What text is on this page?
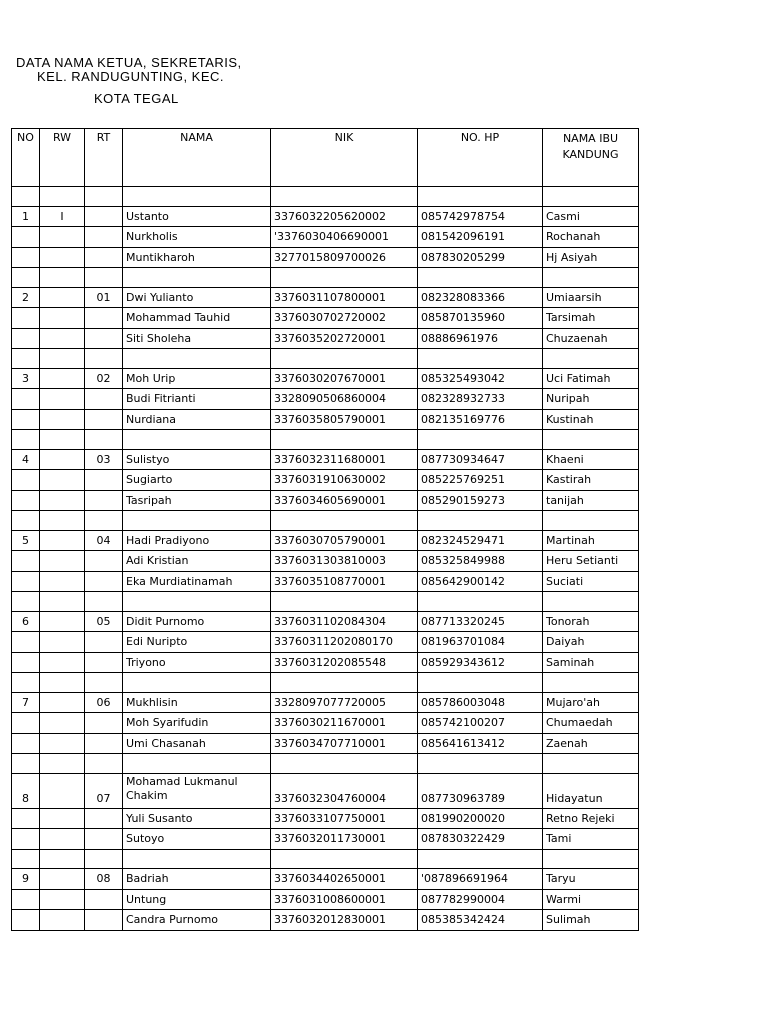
DATA NAMA KETUA, SEKRETARIS,

KEL. RANDUGUNTING, KEC.

KOTA TEGAL

NO	RW	RT	NAMA	NIK	NO. HP	NAMA IBU KANDUNG

1	I		Ustanto	3376032205620002	085742978754	Casmi
			Nurkholis	'3376030406690001	081542096191	Rochanah
			Muntikharoh	3277015809700026	087830205299	Hj Asiyah

2		01	Dwi Yulianto	3376031107800001	082328083366	Umiaarsih
			Mohammad Tauhid	3376030702720002	085870135960	Tarsimah
			Siti Sholeha	3376035202720001	08886961976	Chuzaenah

3		02	Moh Urip	3376030207670001	085325493042	Uci Fatimah
			Budi Fitrianti	3328090506860004	082328932733	Nuripah
			Nurdiana	3376035805790001	082135169776	Kustinah

4		03	Sulistyo	3376032311680001	087730934647	Khaeni
			Sugiarto	3376031910630002	085225769251	Kastirah
			Tasripah	3376034605690001	085290159273	tanijah

5		04	Hadi Pradiyono	3376030705790001	082324529471	Martinah
			Adi Kristian	3376031303810003	085325849988	Heru Setianti
			Eka Murdiatinamah	3376035108770001	085642900142	Suciati

6		05	Didit Purnomo	3376031102084304	087713320245	Tonorah
			Edi Nuripto	33760311202080170	081963701084	Daiyah
			Triyono	3376031202085548	085929343612	Saminah

7		06	Mukhlisin	3328097077720005	085786003048	Mujaro'ah
			Moh Syarifudin	3376030211670001	085742100207	Chumaedah
			Umi Chasanah	3376034707710001	085641613412	Zaenah

8		07	Mohamad Lukmanul Chakim	3376032304760004	087730963789	Hidayatun
			Yuli Susanto	3376033107750001	081990200020	Retno Rejeki
			Sutoyo	3376032011730001	087830322429	Tami

9		08	Badriah	3376034402650001	'087896691964	Taryu
			Untung	3376031008600001	087782990004	Warmi
			Candra Purnomo	3376032012830001	085385342424	Sulimah
